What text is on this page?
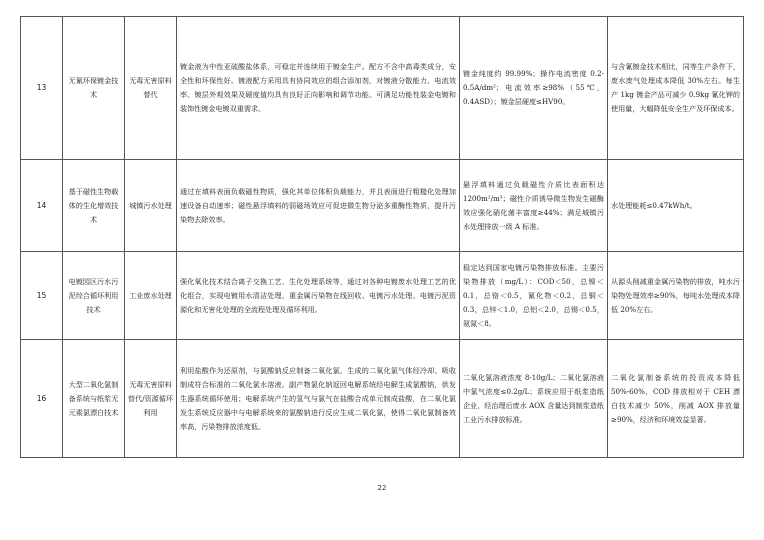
13	无氰环保镀金技术	无毒无害原料替代	镀金液为中性亚硫酸盐体系，可稳定并连续用于镀金生产。配方不含中高毒类成分，安全性和环保性好。镀液配方采用具有协同效应的组合添加剂，对镀液分散能力、电流效率、镀层外观效果及硬度值均具有良好正向影响和调节功能。可满足功能性装金电镀和装饰性镀金电镀双重需求。	镀金纯度约 99.99%；操作电流密度 0.2-0.5A/dm²；电流效率≥98%（55℃，0.4ASD）；镀金层硬度≤HV90。	与含氰镀金技术相比，同等生产条件下，废水废气处理成本降低 30%左右。每生产 1kg 镀金产品可减少 0.9kg 氰化钾的使用量，大幅降低安全生产及环保成本。
14	基于磁性生物载体的生化增效技术	城镇污水处理	通过在填料表面负载磁性物质，强化其单位体积负载能力，并且表面进行粗糙化处理加速设备自动速率；磁性悬浮填料的弱磁场效应可促进微生物分泌多重酶性物质，提升污染物去除效率。	悬浮填料通过负载磁性介质比表面积达 1200m²/m³；磁性介质诱导微生物发生磁酶效应强化硝化菌丰富度≥44%；满足城镇污水处理排放一级 A 标准。	水处理能耗≤0.47kWh/t。
15	电镀园区污水污泥综合循环利用技术	工业废水处理	强化氧化技术结合离子交换工艺、生化处理系统等，通过对各种电镀废水处理工艺的优化组合，实现电镀用水清洁处理、重金属污染物在线回收、电镀污水处理、电镀污泥资源化和无害化处理的全流程处理及循环利用。	稳定达到国家电镀污染物排放标准。主要污染物排放（mg/L）：COD＜50，总镍＜0.1，总铬＜0.5，氰化物＜0.2，总铜＜0.3，总锌＜1.0，总铝＜2.0，总锡＜0.5，氨氮＜8。	从源头削减重金属污染物的排放，吨水污染物处理效率≥90%，每吨水处理成本降低 20%左右。
16	大型二氧化氯制备系统与纸浆无元素氯漂白技术	无毒无害原料替代/资源循环利用	利用盐酸作为还原剂，与氯酸钠反应制备二氧化氯，生成的二氧化氯气体经冷却、吸收制成符合标准的二氧化氯水溶液。副产物氯化钠返回电解系统经电解生成氯酸钠，供发生器系统循环使用；电解系统产生的氢气与氯气在盐酸合成单元制成盐酸，在二氧化氯发生系统反应器中与电解系统来的氯酸钠进行反应生成二氧化氯，使得二氧化氯制备效率高，污染物排放浓度低。	二氧化氯溶液浓度 8-10g/L；二氧化氯溶液中氯气浓度≤0.2g/L；系统应用于纸浆造纸企业，经治理后废水 AOX 含量达到制浆造纸工业污水排放标准。	二氧化氯制备系统的投资成本降低 50%-60%，COD 排放相对于 CEH 漂白技术减少 50%，削减 AOX 排放量≥90%，经济和环境效益显著。
22
